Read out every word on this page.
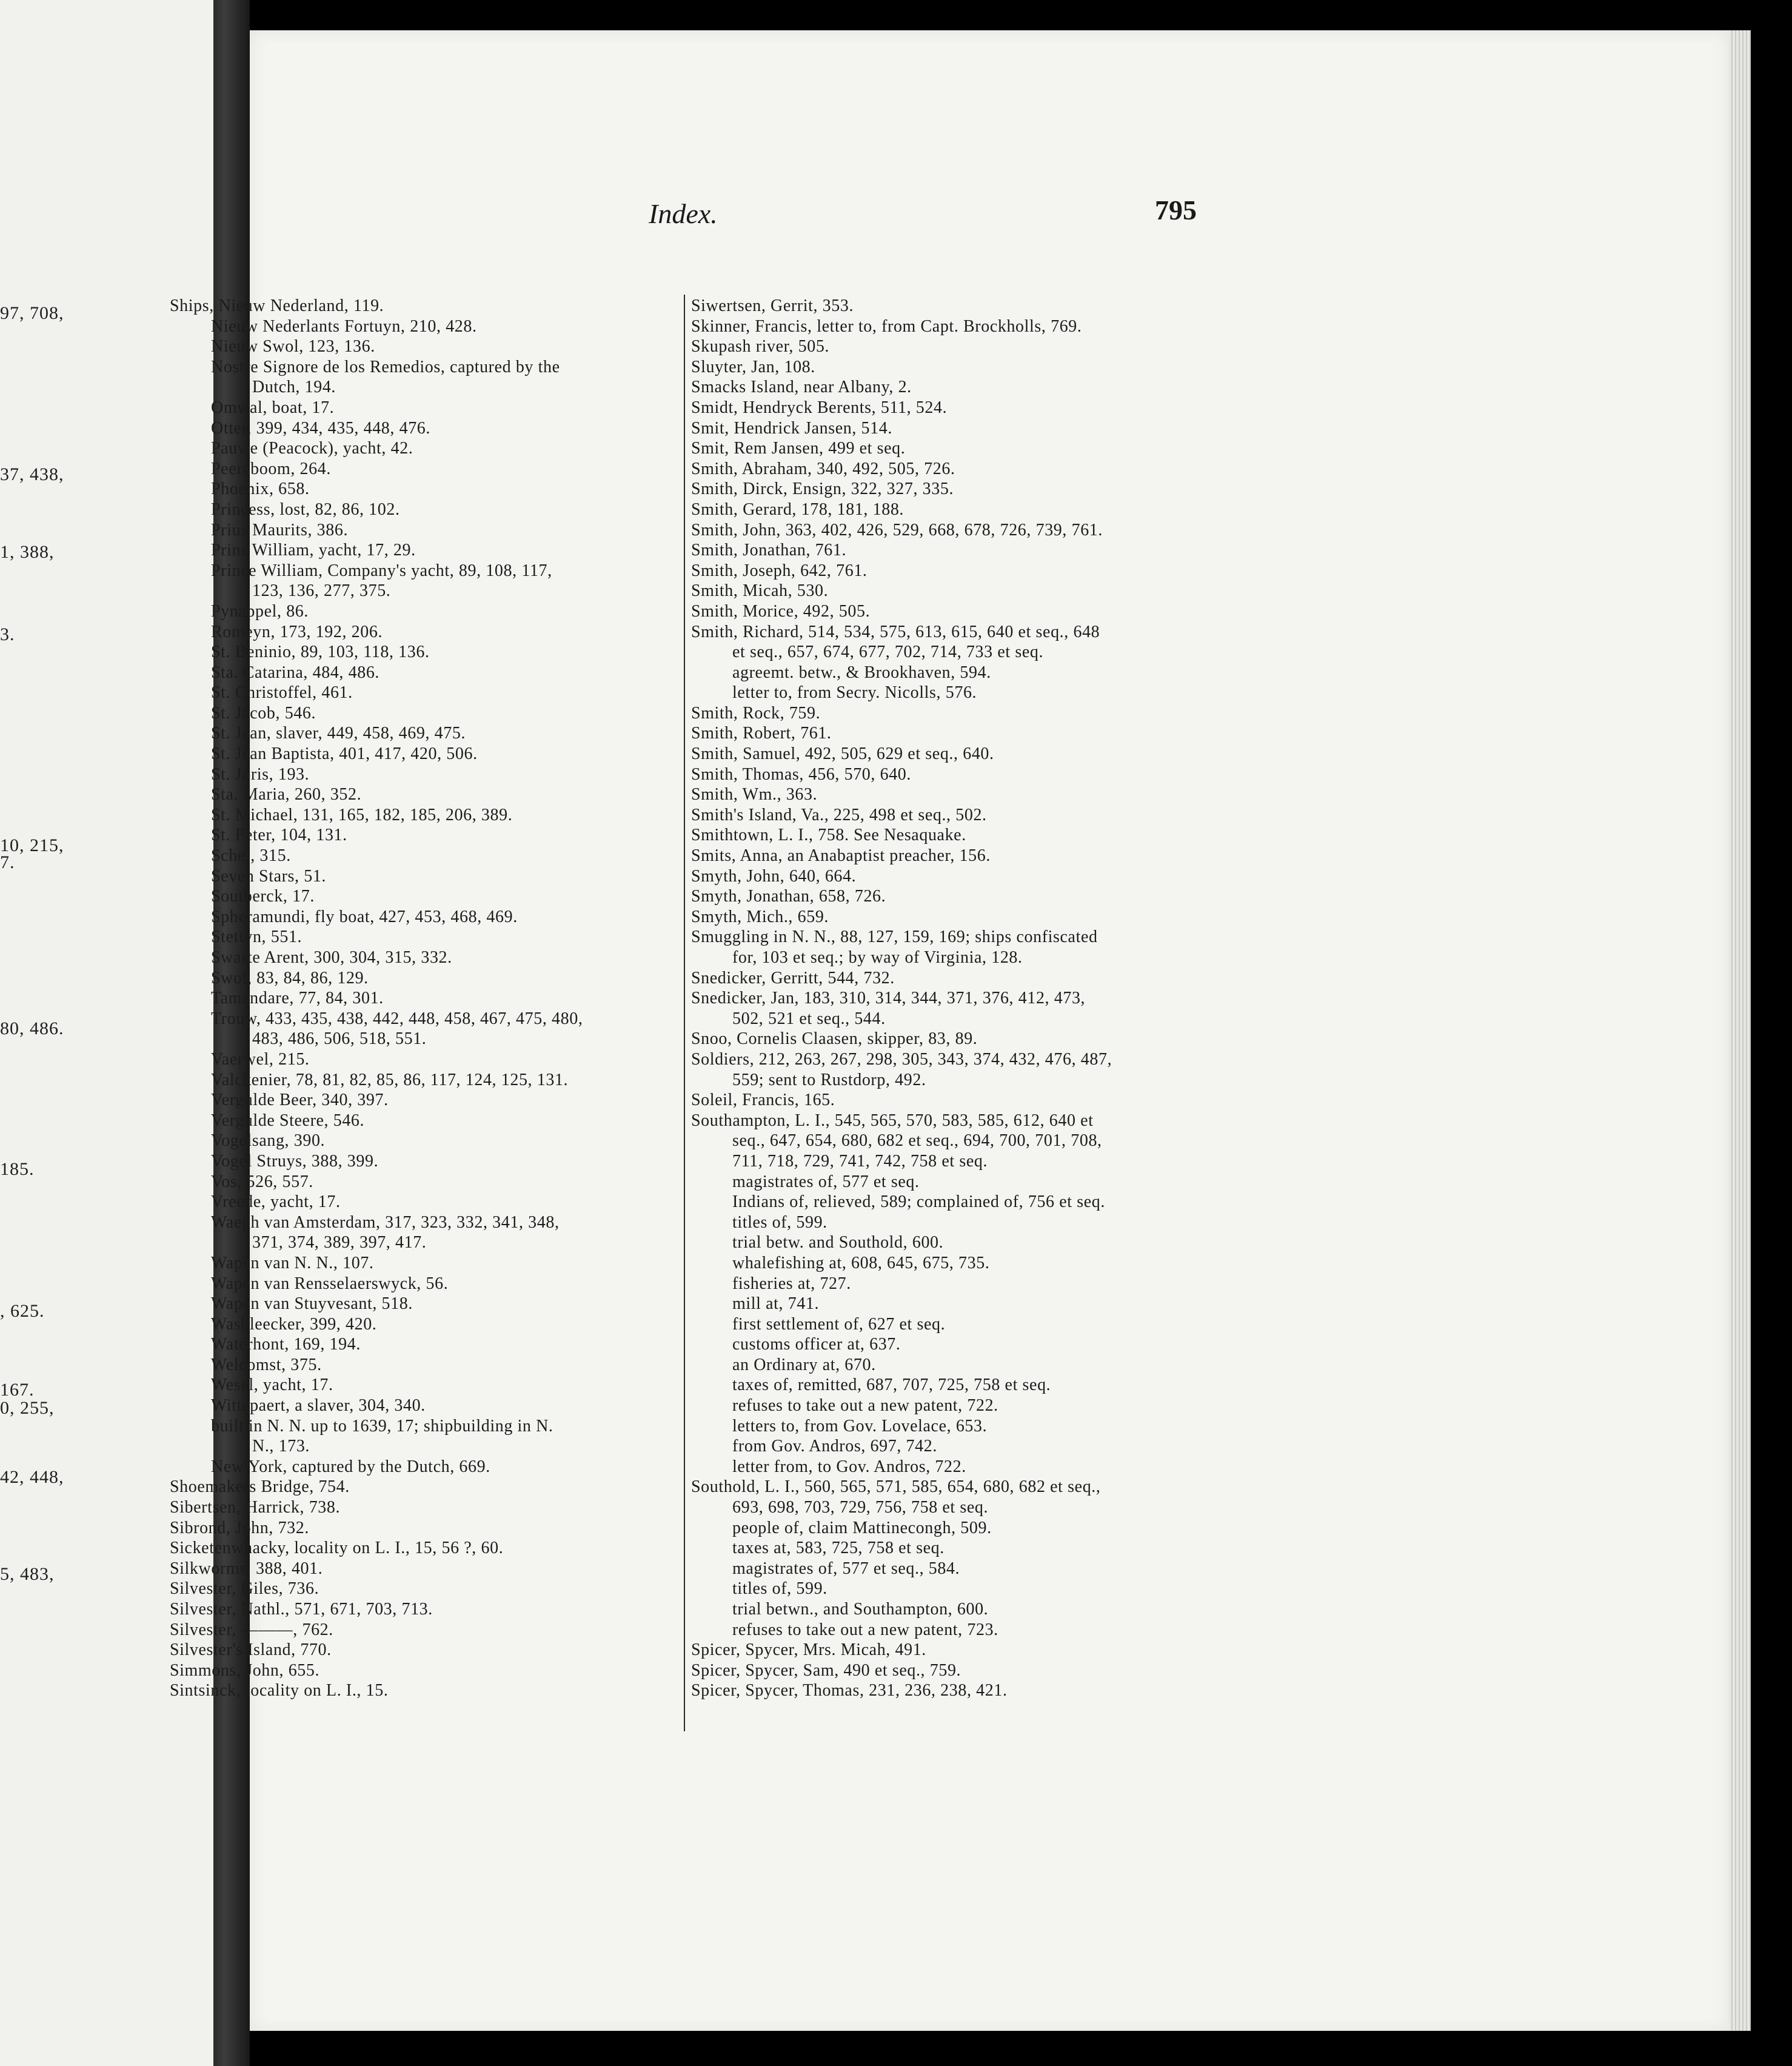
97, 708,
37, 438,
1, 388,
3.
10, 215,
7.
80, 486.
185.
, 625.
167.
0, 255,
42, 448,
5, 483,
Index.	795
Ships, Nieuw Nederland, 119.
Nieuw Nederlants Fortuyn, 210, 428.
Nieuw Swol, 123, 136.
Nostre Signore de los Remedios, captured by the
Dutch, 194.
Omwal, boat, 17.
Otter, 399, 434, 435, 448, 476.
Pauwe (Peacock), yacht, 42.
Peereboom, 264.
Phoenix, 658.
Princess, lost, 82, 86, 102.
Prius Maurits, 386.
Prins William, yacht, 17, 29.
Prince William, Company's yacht, 89, 108, 117,
123, 136, 277, 375.
Pynappel, 86.
Romeyn, 173, 192, 206.
St. Beninio, 89, 103, 118, 136.
Sta. Catarina, 484, 486.
St. Christoffel, 461.
St. Jacob, 546.
St. Jean, slaver, 449, 458, 469, 475.
St. Jean Baptista, 401, 417, 420, 506.
St. Joris, 193.
Sta. Maria, 260, 352.
St. Michael, 131, 165, 182, 185, 206, 389.
St. Peter, 104, 131.
Schel, 315.
Seven Stars, 51.
Soutberck, 17.
Spheramundi, fly boat, 427, 453, 468, 469.
Stettyn, 551.
Swarte Arent, 300, 304, 315, 332.
Swol, 83, 84, 86, 129.
Tamandare, 77, 84, 301.
Trouw, 433, 435, 438, 442, 448, 458, 467, 475, 480,
483, 486, 506, 518, 551.
Vaerwel, 215.
Valckenier, 78, 81, 82, 85, 86, 117, 124, 125, 131.
Vergulde Beer, 340, 397.
Vergulde Steere, 546.
Vogelsang, 390.
Vogel Struys, 388, 399.
Vos, 526, 557.
Vreede, yacht, 17.
Waegh van Amsterdam, 317, 323, 332, 341, 348,
371, 374, 389, 397, 417.
Wapen van N. N., 107.
Wapen van Rensselaerswyck, 56.
Wapen van Stuyvesant, 518.
Wasbleecker, 399, 420.
Waterhont, 169, 194.
Welcomst, 375.
Wesel, yacht, 17.
Wittepaert, a slaver, 304, 340.
built in N. N. up to 1639, 17; shipbuilding in N.
N., 173.
New York, captured by the Dutch, 669.
Shoemakers Bridge, 754.
Sibertsen, Harrick, 738.
Sibrond, John, 732.
Sicketenwhacky, locality on L. I., 15, 56 ?, 60.
Silkworms, 388, 401.
Silvester, Giles, 736.
Silvester, Nathl., 571, 671, 703, 713.
Silvester, ———, 762.
Silvester's Island, 770.
Simmons, John, 655.
Sintsinck, locality on L. I., 15.
Siwertsen, Gerrit, 353.
Skinner, Francis, letter to, from Capt. Brockholls, 769.
Skupash river, 505.
Sluyter, Jan, 108.
Smacks Island, near Albany, 2.
Smidt, Hendryck Berents, 511, 524.
Smit, Hendrick Jansen, 514.
Smit, Rem Jansen, 499 et seq.
Smith, Abraham, 340, 492, 505, 726.
Smith, Dirck, Ensign, 322, 327, 335.
Smith, Gerard, 178, 181, 188.
Smith, John, 363, 402, 426, 529, 668, 678, 726, 739, 761.
Smith, Jonathan, 761.
Smith, Joseph, 642, 761.
Smith, Micah, 530.
Smith, Morice, 492, 505.
Smith, Richard, 514, 534, 575, 613, 615, 640 et seq., 648
et seq., 657, 674, 677, 702, 714, 733 et seq.
agreemt. betw., & Brookhaven, 594.
letter to, from Secry. Nicolls, 576.
Smith, Rock, 759.
Smith, Robert, 761.
Smith, Samuel, 492, 505, 629 et seq., 640.
Smith, Thomas, 456, 570, 640.
Smith, Wm., 363.
Smith's Island, Va., 225, 498 et seq., 502.
Smithtown, L. I., 758. See Nesaquake.
Smits, Anna, an Anabaptist preacher, 156.
Smyth, John, 640, 664.
Smyth, Jonathan, 658, 726.
Smyth, Mich., 659.
Smuggling in N. N., 88, 127, 159, 169; ships confiscated
for, 103 et seq.; by way of Virginia, 128.
Snedicker, Gerritt, 544, 732.
Snedicker, Jan, 183, 310, 314, 344, 371, 376, 412, 473,
502, 521 et seq., 544.
Snoo, Cornelis Claasen, skipper, 83, 89.
Soldiers, 212, 263, 267, 298, 305, 343, 374, 432, 476, 487,
559; sent to Rustdorp, 492.
Soleil, Francis, 165.
Southampton, L. I., 545, 565, 570, 583, 585, 612, 640 et
seq., 647, 654, 680, 682 et seq., 694, 700, 701, 708,
711, 718, 729, 741, 742, 758 et seq.
magistrates of, 577 et seq.
Indians of, relieved, 589; complained of, 756 et seq.
titles of, 599.
trial betw. and Southold, 600.
whalefishing at, 608, 645, 675, 735.
fisheries at, 727.
mill at, 741.
first settlement of, 627 et seq.
customs officer at, 637.
an Ordinary at, 670.
taxes of, remitted, 687, 707, 725, 758 et seq.
refuses to take out a new patent, 722.
letters to, from Gov. Lovelace, 653.
from Gov. Andros, 697, 742.
letter from, to Gov. Andros, 722.
Southold, L. I., 560, 565, 571, 585, 654, 680, 682 et seq.,
693, 698, 703, 729, 756, 758 et seq.
people of, claim Mattinecongh, 509.
taxes at, 583, 725, 758 et seq.
magistrates of, 577 et seq., 584.
titles of, 599.
trial betwn., and Southampton, 600.
refuses to take out a new patent, 723.
Spicer, Spycer, Mrs. Micah, 491.
Spicer, Spycer, Sam, 490 et seq., 759.
Spicer, Spycer, Thomas, 231, 236, 238, 421.
